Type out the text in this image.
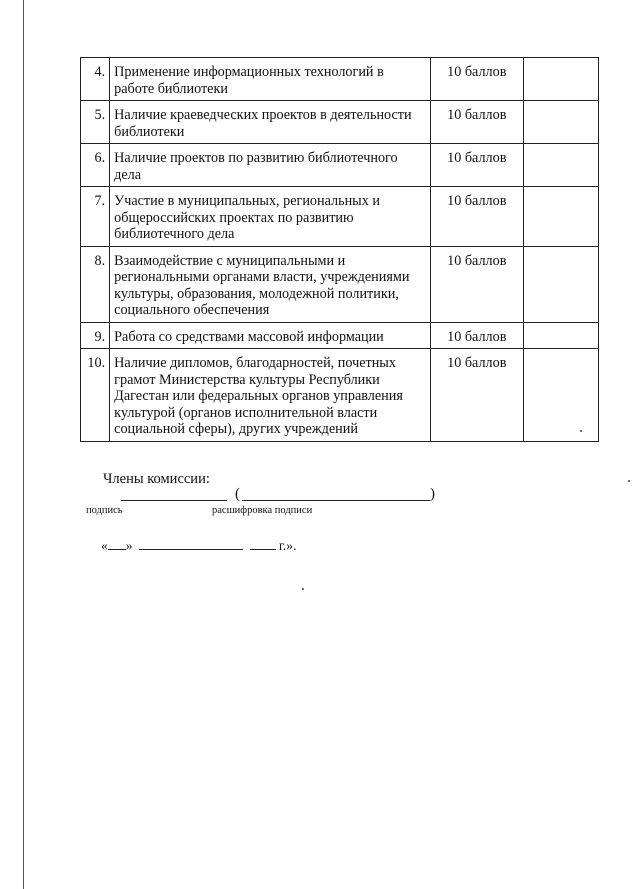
4.	Применение информационных технологий в работе библиотеки	10 баллов	
5.	Наличие краеведческих проектов в деятельности библиотеки	10 баллов	
6.	Наличие проектов по развитию библиотечного дела	10 баллов	
7.	Участие в муниципальных, региональных и общероссийских проектах по развитию библиотечного дела	10 баллов	
8.	Взаимодействие с муниципальными и региональными органами власти, учреждениями культуры, образования, молодежной политики, социального обеспечения	10 баллов	
9.	Работа со средствами массовой информации	10 баллов	
10.	Наличие дипломов, благодарностей, почетных грамот Министерства культуры Республики Дагестан или федеральных органов управления культурой (органов исполнительной власти социальной сферы), других учреждений	10 баллов	
Члены комиссии:
(	)
подпись	расшифровка подписи
« »	г.».
